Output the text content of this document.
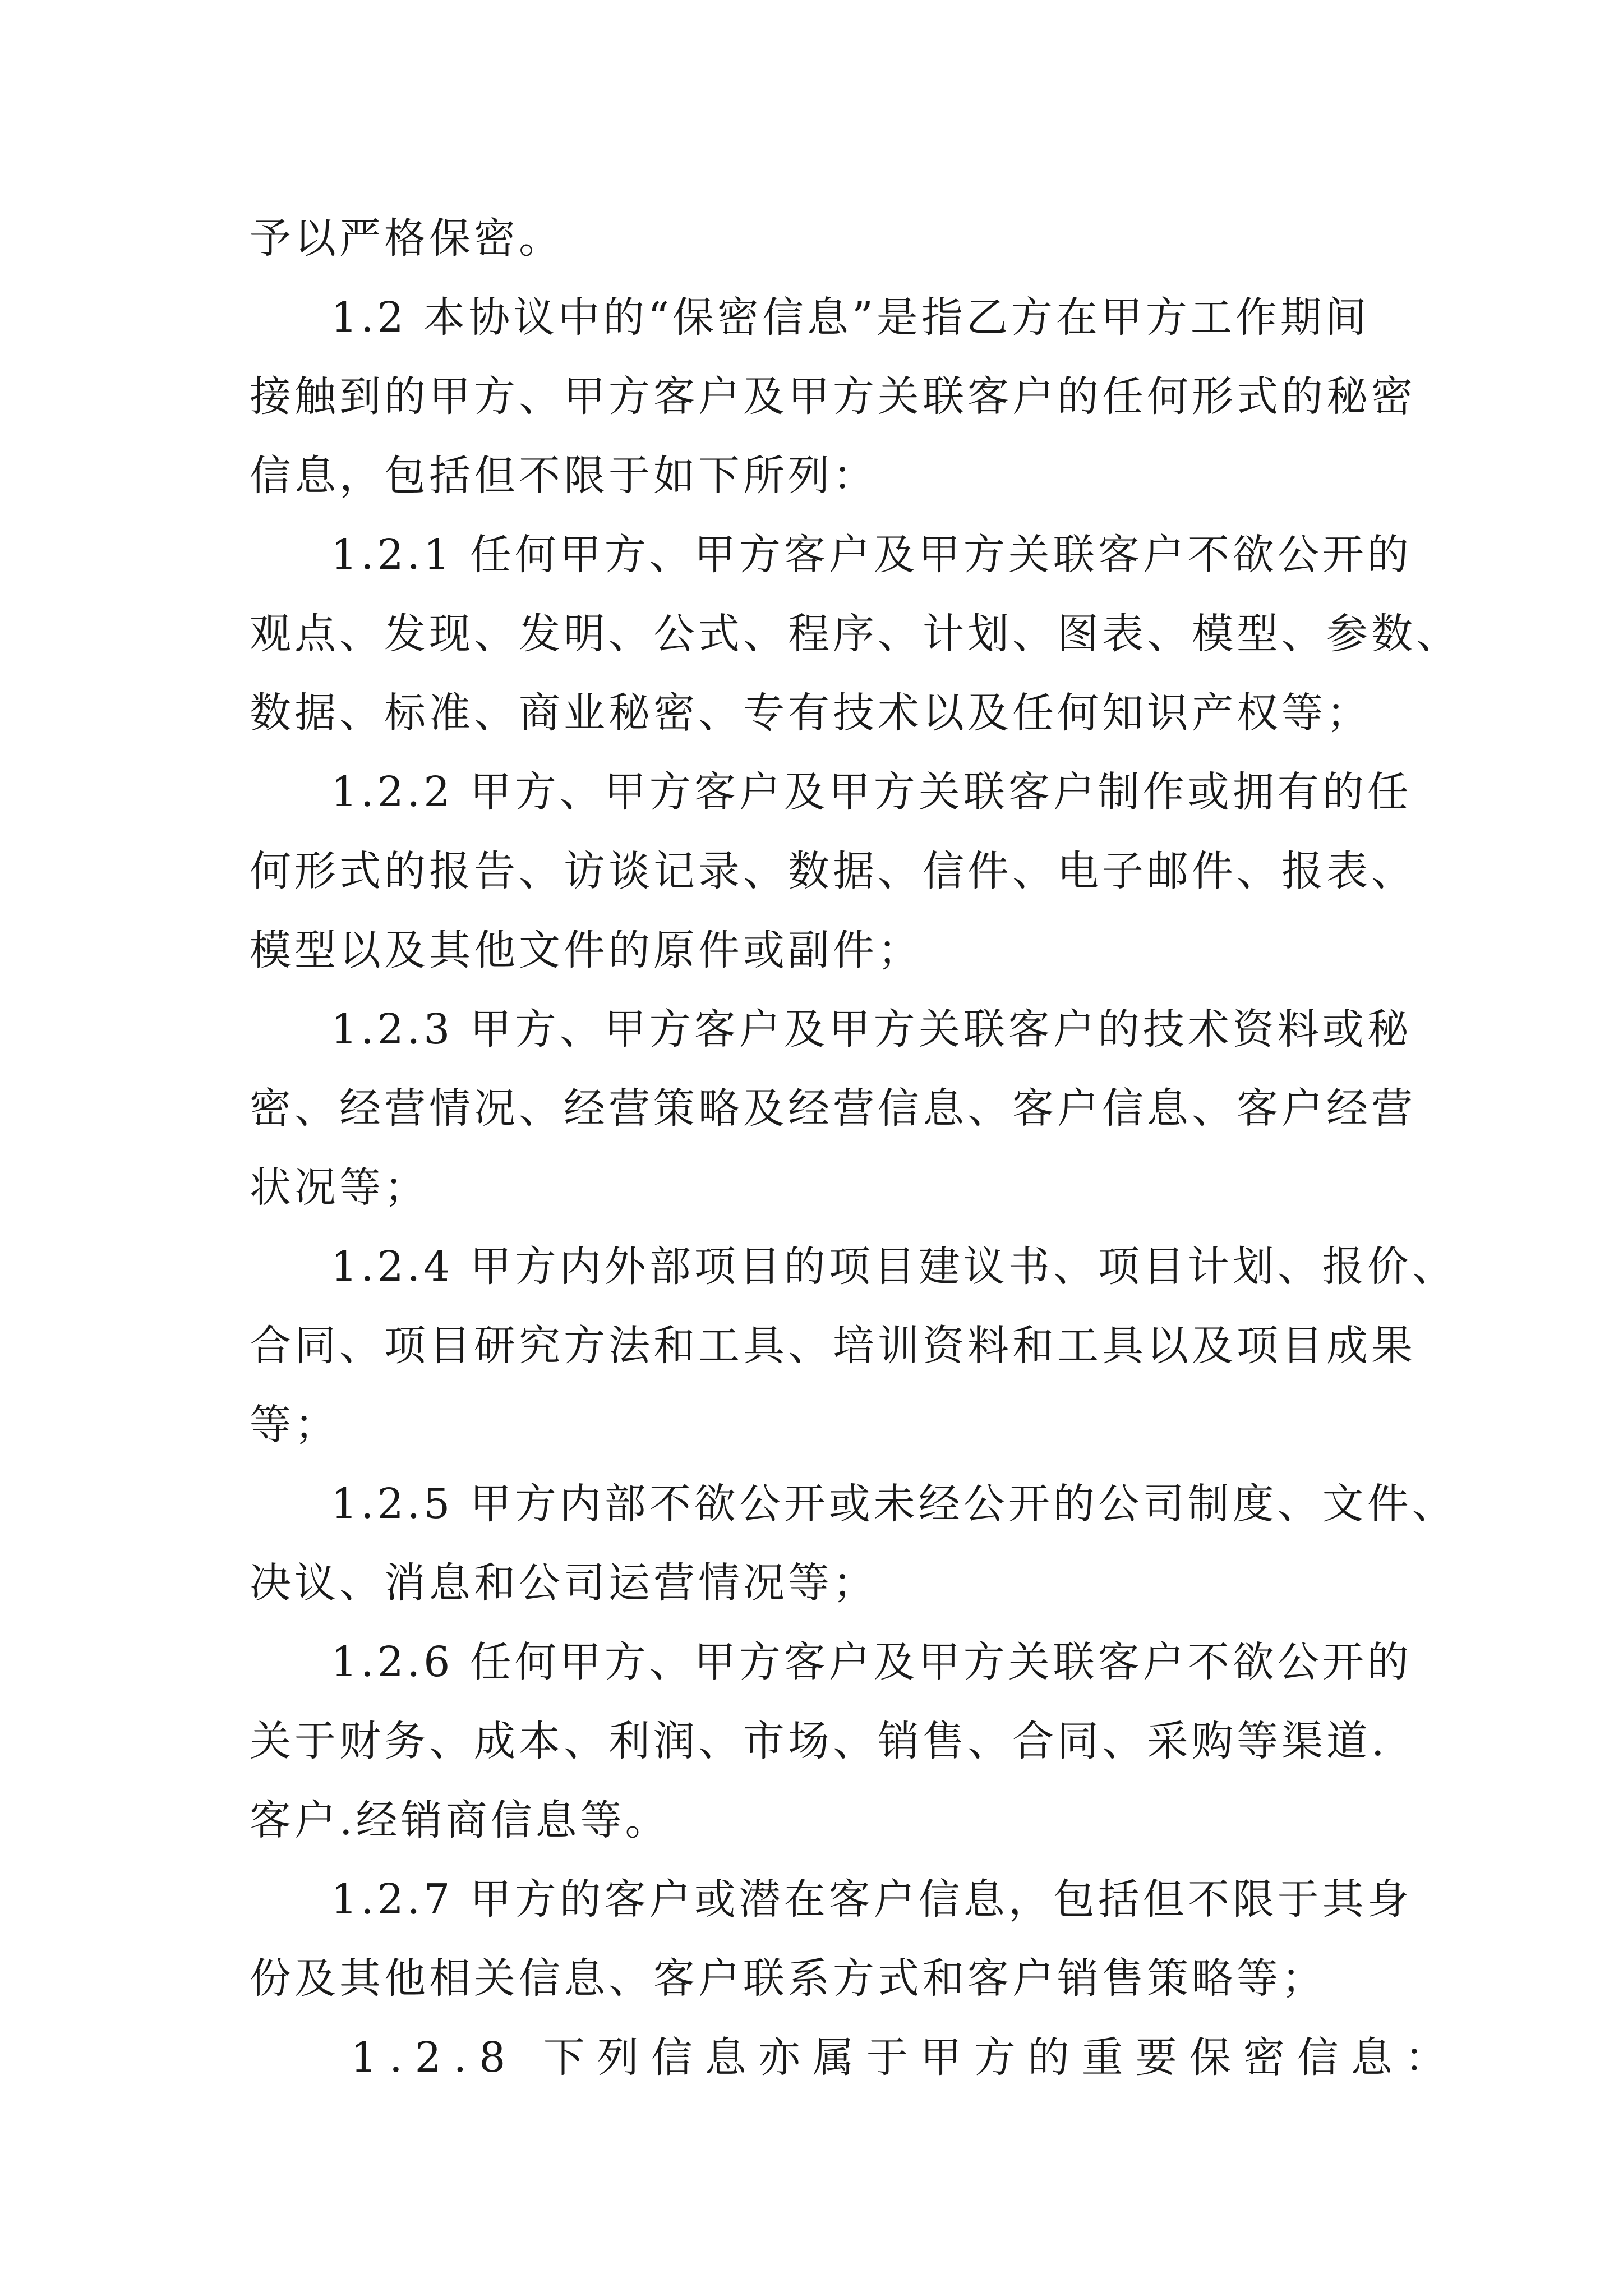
予以严格保密。
1.2 本协议中的“保密信息”是指乙方在甲方工作期间
接触到的甲方、甲方客户及甲方关联客户的任何形式的秘密
信息，包括但不限于如下所列：
1.2.1 任何甲方、甲方客户及甲方关联客户不欲公开的
观点、发现、发明、公式、程序、计划、图表、模型、参数、
数据、标准、商业秘密、专有技术以及任何知识产权等；
1.2.2 甲方、甲方客户及甲方关联客户制作或拥有的任
何形式的报告、访谈记录、数据、信件、电子邮件、报表、
模型以及其他文件的原件或副件；
1.2.3 甲方、甲方客户及甲方关联客户的技术资料或秘
密、经营情况、经营策略及经营信息、客户信息、客户经营
状况等；
1.2.4 甲方内外部项目的项目建议书、项目计划、报价、
合同、项目研究方法和工具、培训资料和工具以及项目成果
等；
1.2.5 甲方内部不欲公开或未经公开的公司制度、文件、
决议、消息和公司运营情况等；
1.2.6 任何甲方、甲方客户及甲方关联客户不欲公开的
关于财务、成本、利润、市场、销售、合同、采购等渠道.
客户.经销商信息等。
1.2.7 甲方的客户或潜在客户信息，包括但不限于其身
份及其他相关信息、客户联系方式和客户销售策略等；
1.2.8 下列信息亦属于甲方的重要保密信息：
